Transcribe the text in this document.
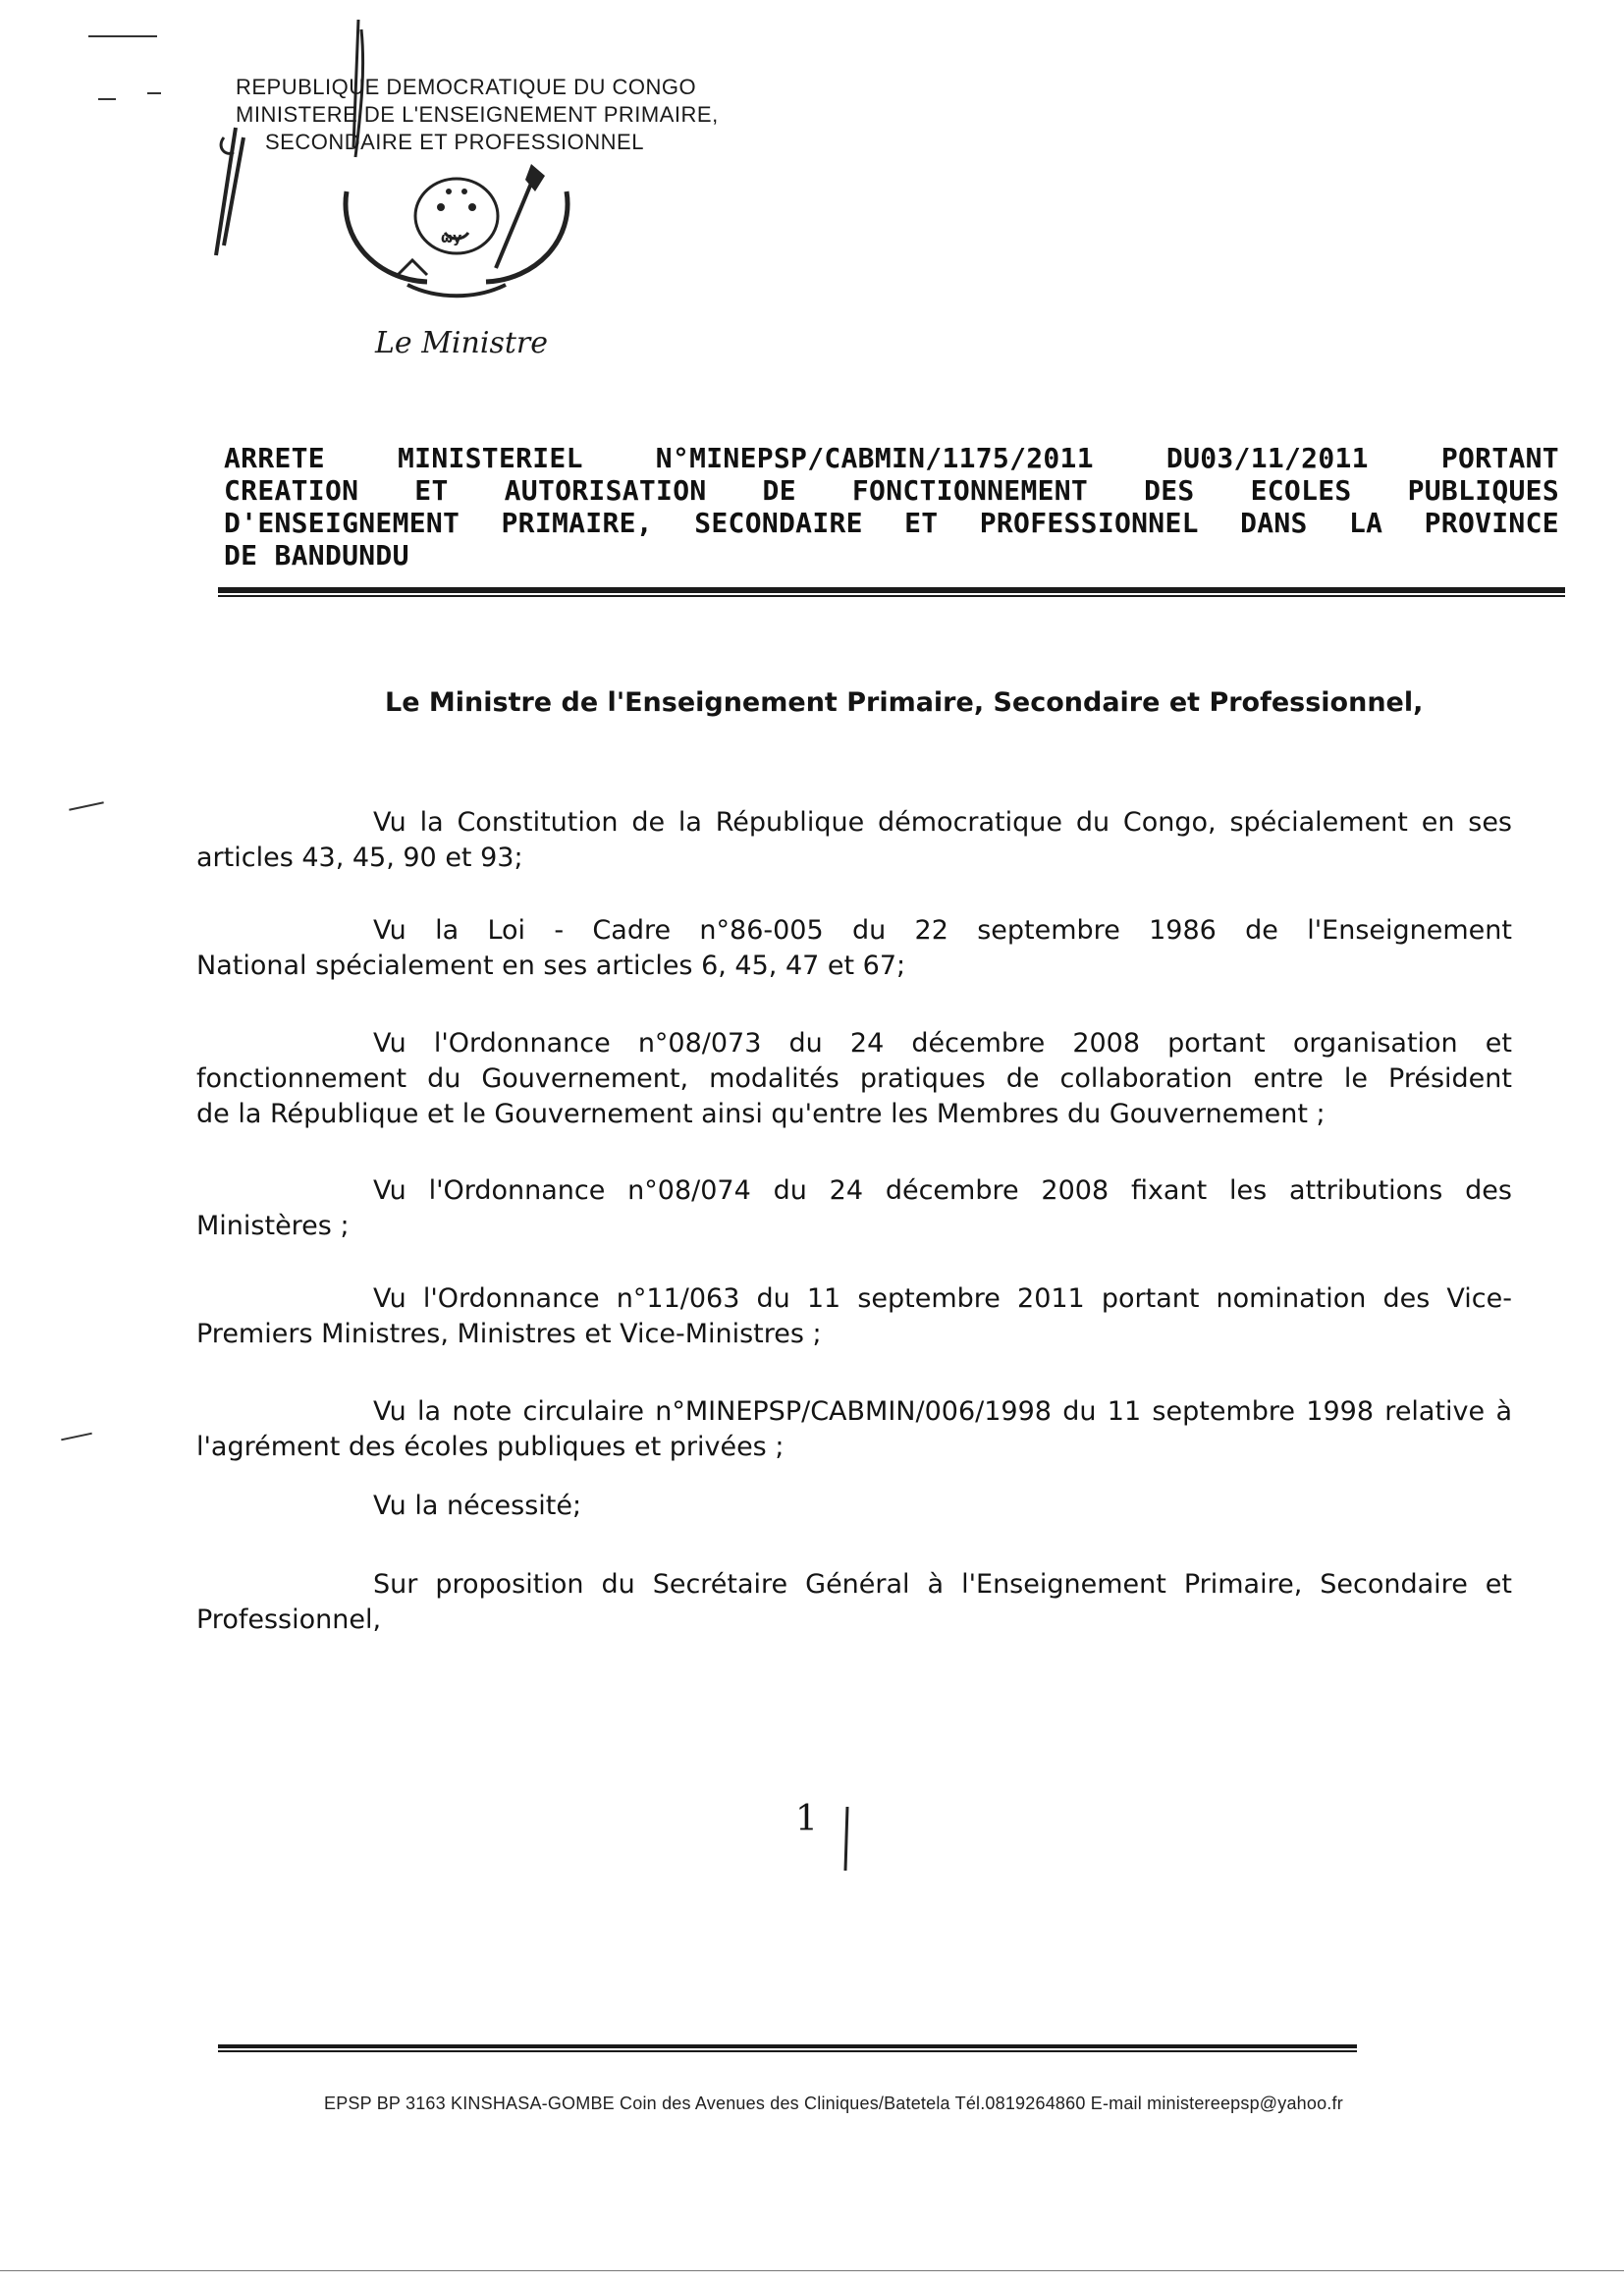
REPUBLIQUE DEMOCRATIQUE DU CONGO
MINISTERE DE L'ENSEIGNEMENT PRIMAIRE,
SECONDAIRE ET PROFESSIONNEL
ωy
Le Ministre
ARRETE	MINISTERIEL	N°MINEPSP/CABMIN/1175/2011	DU03/11/2011	PORTANT
CREATION ET AUTORISATION DE FONCTIONNEMENT DES ECOLES PUBLIQUES
D'ENSEIGNEMENT PRIMAIRE, SECONDAIRE ET PROFESSIONNEL DANS LA PROVINCE
DE BANDUNDU
Le Ministre de l'Enseignement Primaire, Secondaire et Professionnel,
Vu la Constitution de la République démocratique du Congo, spécialement en ses
articles 43, 45, 90 et 93;
Vu la Loi - Cadre n°86-005 du 22 septembre 1986 de l'Enseignement
National spécialement en ses articles 6, 45, 47 et 67;
Vu l'Ordonnance n°08/073 du 24 décembre 2008 portant organisation et
fonctionnement du Gouvernement, modalités pratiques de collaboration entre le Président
de la République et le Gouvernement ainsi qu'entre les Membres du Gouvernement ;
Vu l'Ordonnance n°08/074 du 24 décembre 2008 fixant les attributions des
Ministères ;
Vu l'Ordonnance n°11/063 du 11 septembre 2011 portant nomination des Vice-
Premiers Ministres, Ministres et Vice-Ministres ;
Vu la note circulaire n°MINEPSP/CABMIN/006/1998 du 11 septembre 1998 relative à
l'agrément des écoles publiques et privées ;
Vu la nécessité;
Sur proposition du Secrétaire Général à l'Enseignement Primaire, Secondaire et
Professionnel,
1
EPSP BP 3163 KINSHASA-GOMBE Coin des Avenues des Cliniques/Batetela Tél.0819264860 E-mail ministereepsp@yahoo.fr
